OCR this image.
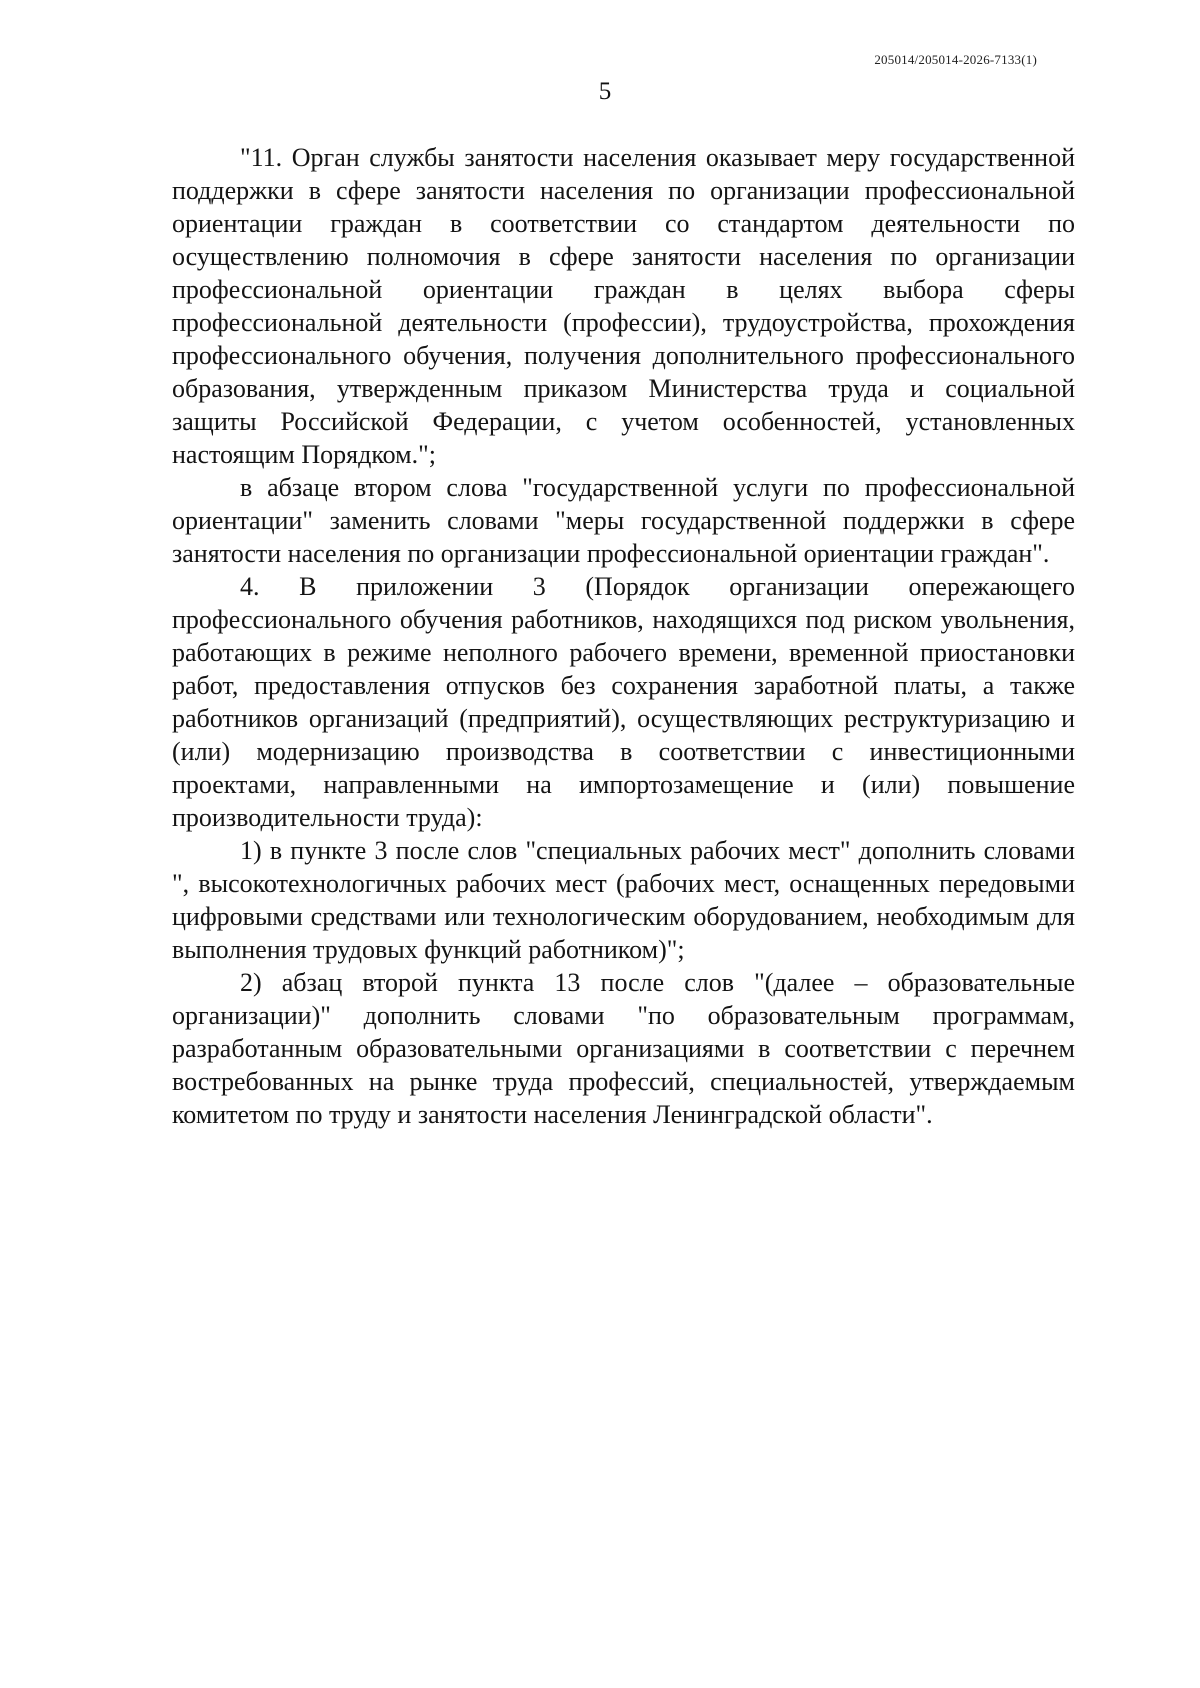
205014/205014-2026-7133(1)
5

"11. Орган службы занятости населения оказывает меру государственной поддержки в сфере занятости населения по организации профессиональной ориентации граждан в соответствии со стандартом деятельности по осуществлению полномочия в сфере занятости населения по организации профессиональной ориентации граждан в целях выбора сферы профессиональной деятельности (профессии), трудоустройства, прохождения профессионального обучения, получения дополнительного профессионального образования, утвержденным приказом Министерства труда и социальной защиты Российской Федерации, с учетом особенностей, установленных настоящим Порядком.";

в абзаце втором слова "государственной услуги по профессиональной ориентации" заменить словами "меры государственной поддержки в сфере занятости населения по организации профессиональной ориентации граждан".

4. В приложении 3 (Порядок организации опережающего профессионального обучения работников, находящихся под риском увольнения, работающих в режиме неполного рабочего времени, временной приостановки работ, предоставления отпусков без сохранения заработной платы, а также работников организаций (предприятий), осуществляющих реструктуризацию и (или) модернизацию производства в соответствии с инвестиционными проектами, направленными на импортозамещение и (или) повышение производительности труда):

1) в пункте 3 после слов "специальных рабочих мест" дополнить словами ", высокотехнологичных рабочих мест (рабочих мест, оснащенных передовыми цифровыми средствами или технологическим оборудованием, необходимым для выполнения трудовых функций работником)";

2) абзац второй пункта 13 после слов "(далее – образовательные организации)" дополнить словами "по образовательным программам, разработанным образовательными организациями в соответствии с перечнем востребованных на рынке труда профессий, специальностей, утверждаемым комитетом по труду и занятости населения Ленинградской области".
